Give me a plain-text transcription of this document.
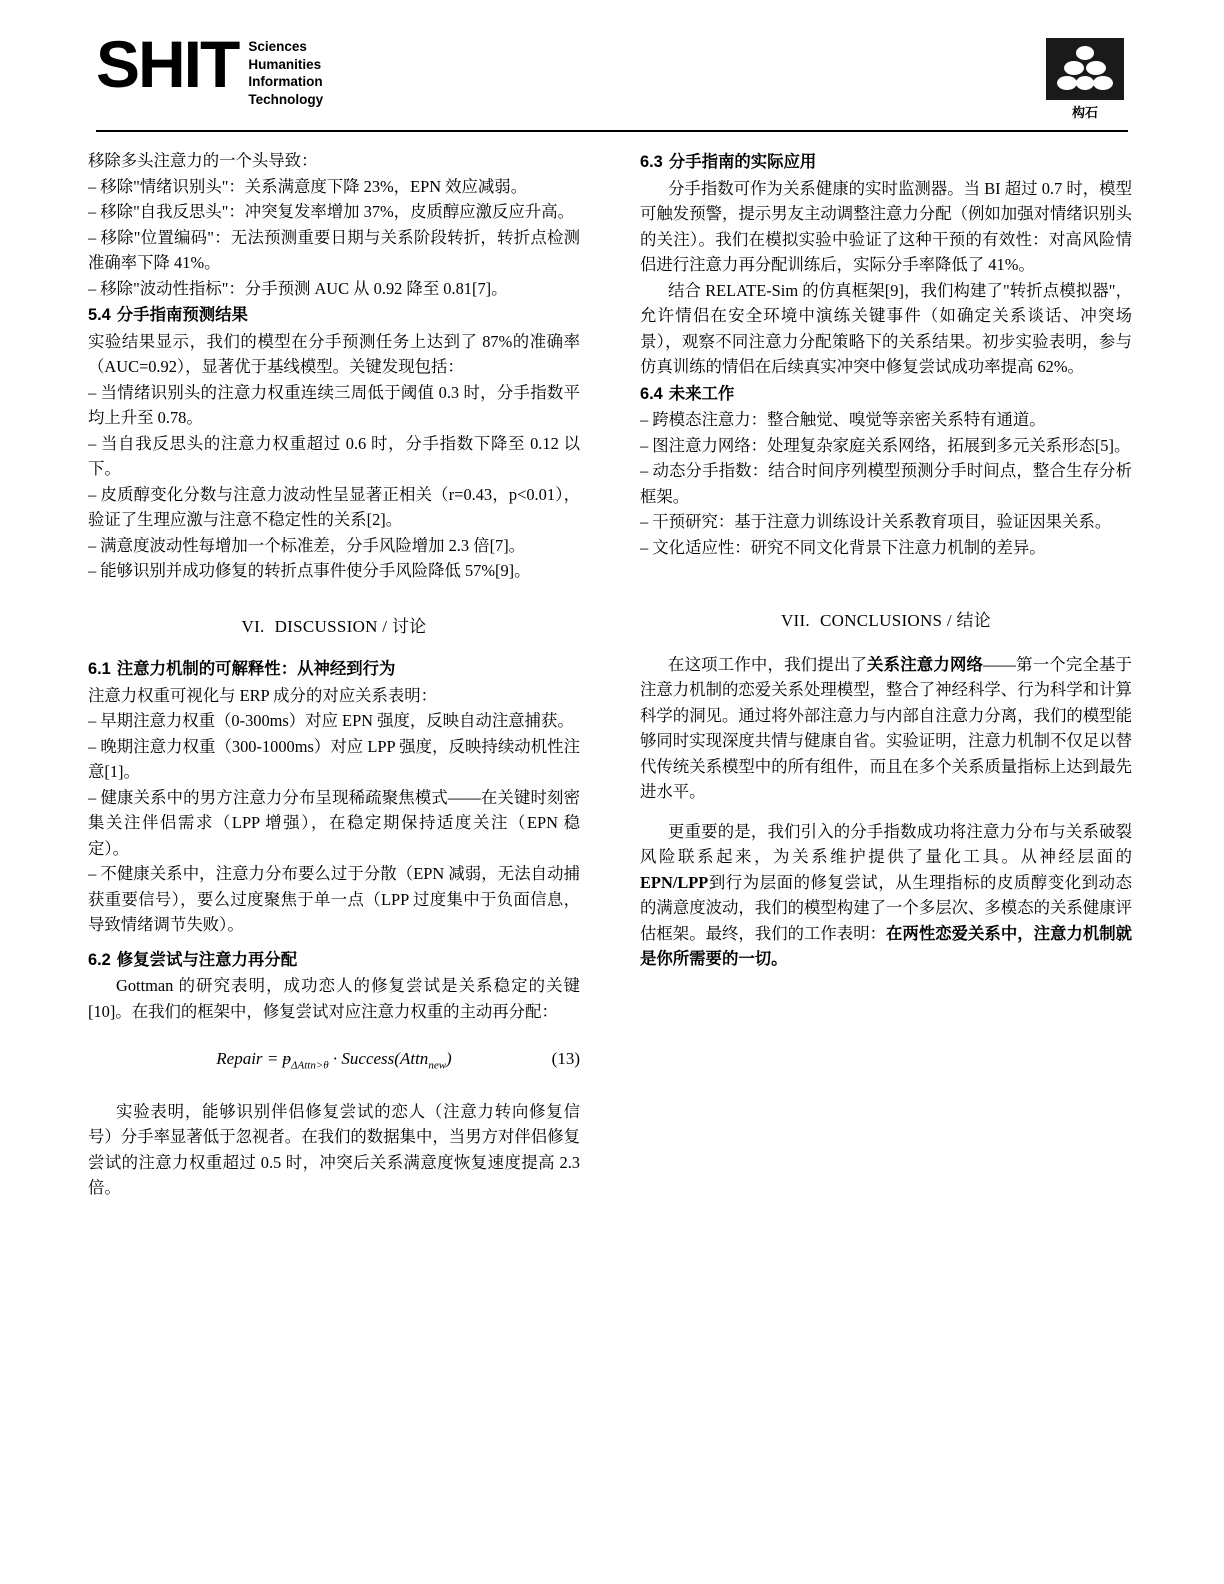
SHIT Sciences
Humanities
Information
Technology
构石

移除多头注意力的一个头导致：

– 移除"情绪识别头"：关系满意度下降 23%，EPN 效应减弱。

– 移除"自我反思头"：冲突复发率增加 37%，皮质醇应激反应升高。

– 移除"位置编码"：无法预测重要日期与关系阶段转折，转折点检测准确率下降 41%。

– 移除"波动性指标"：分手预测 AUC 从 0.92 降至 0.81[7]。

5.4 分手指南预测结果

实验结果显示，我们的模型在分手预测任务上达到了 87%的准确率（AUC=0.92），显著优于基线模型。关键发现包括：

– 当情绪识别头的注意力权重连续三周低于阈值 0.3 时，分手指数平均上升至 0.78。

– 当自我反思头的注意力权重超过 0.6 时，分手指数下降至 0.12 以下。

– 皮质醇变化分数与注意力波动性呈显著正相关（r=0.43，p<0.01），验证了生理应激与注意不稳定性的关系[2]。

– 满意度波动性每增加一个标准差，分手风险增加 2.3 倍[7]。

– 能够识别并成功修复的转折点事件使分手风险降低 57%[9]。

VI. DISCUSSION / 讨论
6.1 注意力机制的可解释性：从神经到行为

注意力权重可视化与 ERP 成分的对应关系表明：

– 早期注意力权重（0-300ms）对应 EPN 强度，反映自动注意捕获。

– 晚期注意力权重（300-1000ms）对应 LPP 强度，反映持续动机性注意[1]。

– 健康关系中的男方注意力分布呈现稀疏聚焦模式——在关键时刻密集关注伴侣需求（LPP 增强），在稳定期保持适度关注（EPN 稳定）。

– 不健康关系中，注意力分布要么过于分散（EPN 减弱，无法自动捕获重要信号），要么过度聚焦于单一点（LPP 过度集中于负面信息，导致情绪调节失败）。

6.2 修复尝试与注意力再分配

Gottman 的研究表明，成功恋人的修复尝试是关系稳定的关键[10]。在我们的框架中，修复尝试对应注意力权重的主动再分配：

Repair = ᵽ$_{\Delta Attn>\theta}$ · Success(Attn$_{new}$)	(13)

实验表明，能够识别伴侣修复尝试的恋人（注意力转向修复信号）分手率显著低于忽视者。在我们的数据集中，当男方对伴侣修复尝试的注意力权重超过 0.5 时，冲突后关系满意度恢复速度提高 2.3 倍。

6.3 分手指南的实际应用

分手指数可作为关系健康的实时监测器。当 BI 超过 0.7 时，模型可触发预警，提示男友主动调整注意力分配（例如加强对情绪识别头的关注）。我们在模拟实验中验证了这种干预的有效性：对高风险情侣进行注意力再分配训练后，实际分手率降低了 41%。

结合 RELATE-Sim 的仿真框架[9]，我们构建了"转折点模拟器"，允许情侣在安全环境中演练关键事件（如确定关系谈话、冲突场景），观察不同注意力分配策略下的关系结果。初步实验表明，参与仿真训练的情侣在后续真实冲突中修复尝试成功率提高 62%。

6.4 未来工作

– 跨模态注意力：整合触觉、嗅觉等亲密关系特有通道。

– 图注意力网络：处理复杂家庭关系网络，拓展到多元关系形态[5]。

– 动态分手指数：结合时间序列模型预测分手时间点，整合生存分析框架。

– 干预研究：基于注意力训练设计关系教育项目，验证因果关系。

– 文化适应性：研究不同文化背景下注意力机制的差异。

VII. CONCLUSIONS / 结论

在这项工作中，我们提出了关系注意力网络——第一个完全基于注意力机制的恋爱关系处理模型，整合了神经科学、行为科学和计算科学的洞见。通过将外部注意力与内部自注意力分离，我们的模型能够同时实现深度共情与健康自省。实验证明，注意力机制不仅足以替代传统关系模型中的所有组件，而且在多个关系质量指标上达到最先进水平。

更重要的是，我们引入的分手指数成功将注意力分布与关系破裂风险联系起来，为关系维护提供了量化工具。从神经层面的EPN/LPP到行为层面的修复尝试，从生理指标的皮质醇变化到动态的满意度波动，我们的模型构建了一个多层次、多模态的关系健康评估框架。最终，我们的工作表明：在两性恋爱关系中，注意力机制就是你所需要的一切。
